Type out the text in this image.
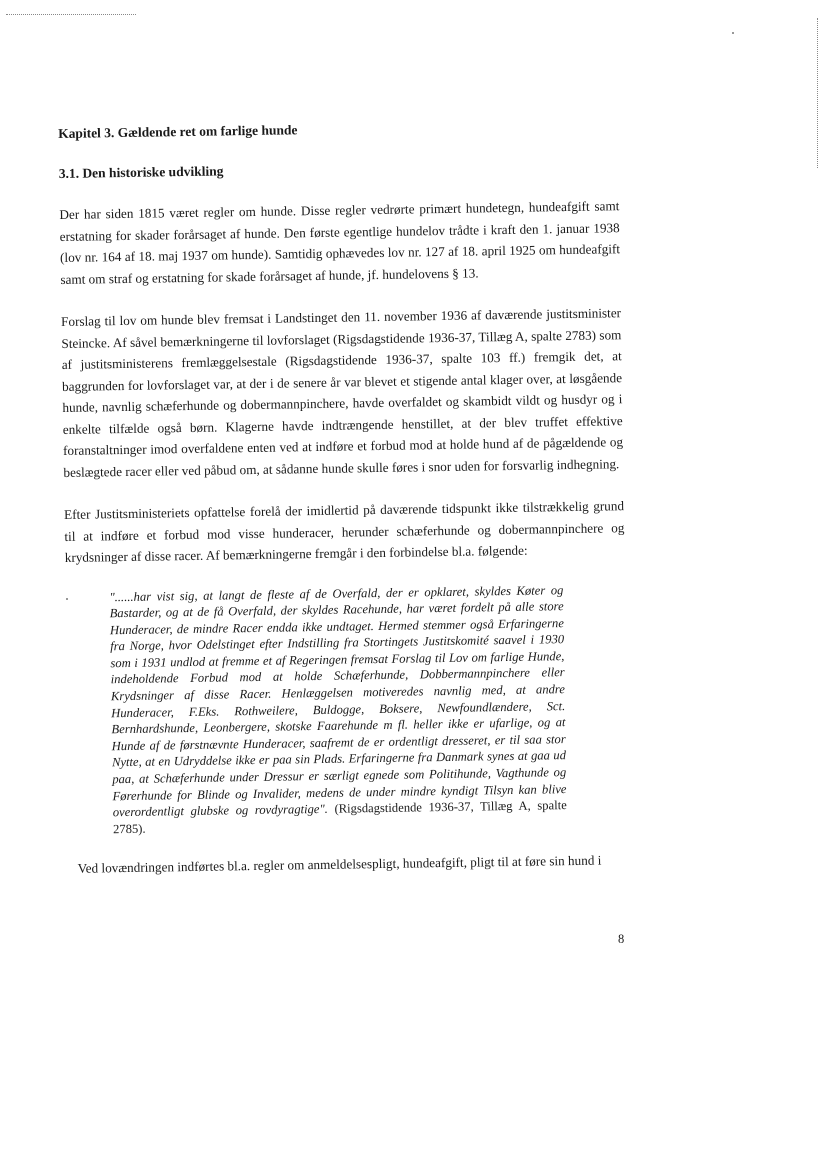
Kapitel 3. Gældende ret om farlige hunde
3.1. Den historiske udvikling

Der har siden 1815 været regler om hunde. Disse regler vedrørte primært hundetegn, hundeafgift samt erstatning for skader forårsaget af hunde. Den første egentlige hundelov trådte i kraft den 1. januar 1938 (lov nr. 164 af 18. maj 1937 om hunde). Samtidig ophævedes lov nr. 127 af 18. april 1925 om hundeafgift samt om straf og erstatning for skade forårsaget af hunde, jf. hundelovens § 13.

Forslag til lov om hunde blev fremsat i Landstinget den 11. november 1936 af daværende justitsminister Steincke. Af såvel bemærkningerne til lovforslaget (Rigsdagstidende 1936-37, Tillæg A, spalte 2783) som af justitsministerens fremlæggelsestale (Rigsdagstidende 1936-37, spalte 103 ff.) fremgik det, at baggrunden for lovforslaget var, at der i de senere år var blevet et stigende antal klager over, at løsgående hunde, navnlig schæferhunde og dobermannpinchere, havde overfaldet og skambidt vildt og husdyr og i enkelte tilfælde også børn. Klagerne havde indtrængende henstillet, at der blev truffet effektive foranstaltninger imod overfaldene enten ved at indføre et forbud mod at holde hund af de pågældende og beslægtede racer eller ved påbud om, at sådanne hunde skulle føres i snor uden for forsvarlig indhegning.

Efter Justitsministeriets opfattelse forelå der imidlertid på daværende tidspunkt ikke tilstrækkelig grund til at indføre et forbud mod visse hunderacer, herunder schæferhunde og dobermannpinchere og krydsninger af disse racer. Af bemærkningerne fremgår i den forbindelse bl.a. følgende:

"......har vist sig, at langt de fleste af de Overfald, der er opklaret, skyldes Køter og Bastarder, og at de få Overfald, der skyldes Racehunde, har været fordelt på alle store Hunderacer, de mindre Racer endda ikke undtaget. Hermed stemmer også Erfaringerne fra Norge, hvor Odelstinget efter Indstilling fra Stortingets Justitskomité saavel i 1930 som i 1931 undlod at fremme et af Regeringen fremsat Forslag til Lov om farlige Hunde, indeholdende Forbud mod at holde Schæferhunde, Dobbermannpinchere eller Krydsninger af disse Racer. Henlæggelsen motiveredes navnlig med, at andre Hunderacer, F.Eks. Rothweilere, Buldogge, Boksere, Newfoundlændere, Sct. Bernhardshunde, Leonbergere, skotske Faarehunde m fl. heller ikke er ufarlige, og at Hunde af de førstnævnte Hunderacer, saafremt de er ordentligt dresseret, er til saa stor Nytte, at en Udryddelse ikke er paa sin Plads. Erfaringerne fra Danmark synes at gaa ud paa, at Schæferhunde under Dressur er særligt egnede som Politihunde, Vagthunde og Førerhunde for Blinde og Invalider, medens de under mindre kyndigt Tilsyn kan blive overordentligt glubske og rovdyragtige". (Rigsdagstidende 1936-37, Tillæg A, spalte 2785).
Ved lovændringen indførtes bl.a. regler om anmeldelsespligt, hundeafgift, pligt til at føre sin hund i
8
